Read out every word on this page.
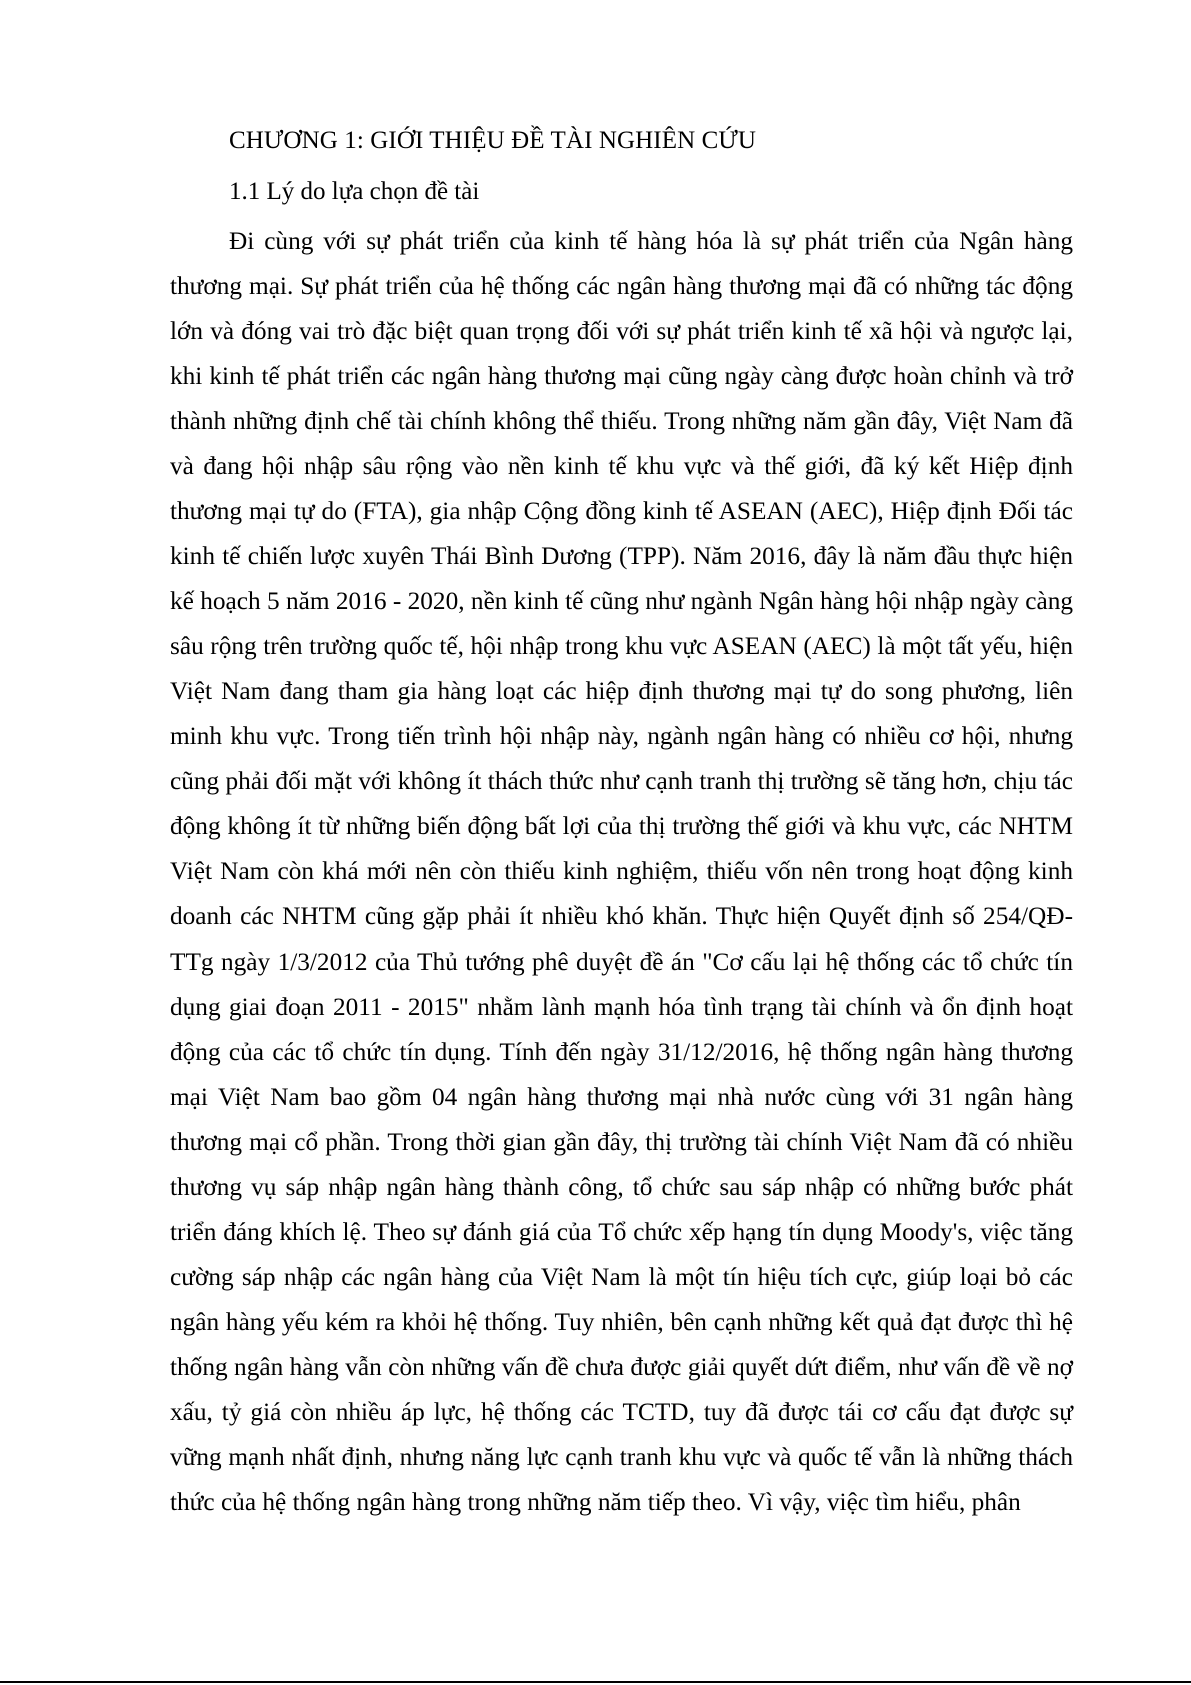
CHƯƠNG 1: GIỚI THIỆU ĐỀ TÀI NGHIÊN CỨU
1.1 Lý do lựa chọn đề tài

Đi cùng với sự phát triển của kinh tế hàng hóa là sự phát triển của Ngân hàng thương mại. Sự phát triển của hệ thống các ngân hàng thương mại đã có những tác động lớn và đóng vai trò đặc biệt quan trọng đối với sự phát triển kinh tế xã hội và ngược lại, khi kinh tế phát triển các ngân hàng thương mại cũng ngày càng được hoàn chỉnh và trở thành những định chế tài chính không thể thiếu. Trong những năm gần đây, Việt Nam đã và đang hội nhập sâu rộng vào nền kinh tế khu vực và thế giới, đã ký kết Hiệp định thương mại tự do (FTA), gia nhập Cộng đồng kinh tế ASEAN (AEC), Hiệp định Đối tác kinh tế chiến lược xuyên Thái Bình Dương (TPP). Năm 2016, đây là năm đầu thực hiện kế hoạch 5 năm 2016 - 2020, nền kinh tế cũng như ngành Ngân hàng hội nhập ngày càng sâu rộng trên trường quốc tế, hội nhập trong khu vực ASEAN (AEC) là một tất yếu, hiện Việt Nam đang tham gia hàng loạt các hiệp định thương mại tự do song phương, liên minh khu vực. Trong tiến trình hội nhập này, ngành ngân hàng có nhiều cơ hội, nhưng cũng phải đối mặt với không ít thách thức như cạnh tranh thị trường sẽ tăng hơn, chịu tác động không ít từ những biến động bất lợi của thị trường thế giới và khu vực, các NHTM Việt Nam còn khá mới nên còn thiếu kinh nghiệm, thiếu vốn nên trong hoạt động kinh doanh các NHTM cũng gặp phải ít nhiều khó khăn. Thực hiện Quyết định số 254/QĐ-TTg ngày 1/3/2012 của Thủ tướng phê duyệt đề án "Cơ cấu lại hệ thống các tổ chức tín dụng giai đoạn 2011 - 2015" nhằm lành mạnh hóa tình trạng tài chính và ổn định hoạt động của các tổ chức tín dụng. Tính đến ngày 31/12/2016, hệ thống ngân hàng thương mại Việt Nam bao gồm 04 ngân hàng thương mại nhà nước cùng với 31 ngân hàng thương mại cổ phần. Trong thời gian gần đây, thị trường tài chính Việt Nam đã có nhiều thương vụ sáp nhập ngân hàng thành công, tổ chức sau sáp nhập có những bước phát triển đáng khích lệ. Theo sự đánh giá của Tổ chức xếp hạng tín dụng Moody's, việc tăng cường sáp nhập các ngân hàng của Việt Nam là một tín hiệu tích cực, giúp loại bỏ các ngân hàng yếu kém ra khỏi hệ thống. Tuy nhiên, bên cạnh những kết quả đạt được thì hệ thống ngân hàng vẫn còn những vấn đề chưa được giải quyết dứt điểm, như vấn đề về nợ xấu, tỷ giá còn nhiều áp lực, hệ thống các TCTD, tuy đã được tái cơ cấu đạt được sự vững mạnh nhất định, nhưng năng lực cạnh tranh khu vực và quốc tế vẫn là những thách thức của hệ thống ngân hàng trong những năm tiếp theo. Vì vậy, việc tìm hiểu, phân
